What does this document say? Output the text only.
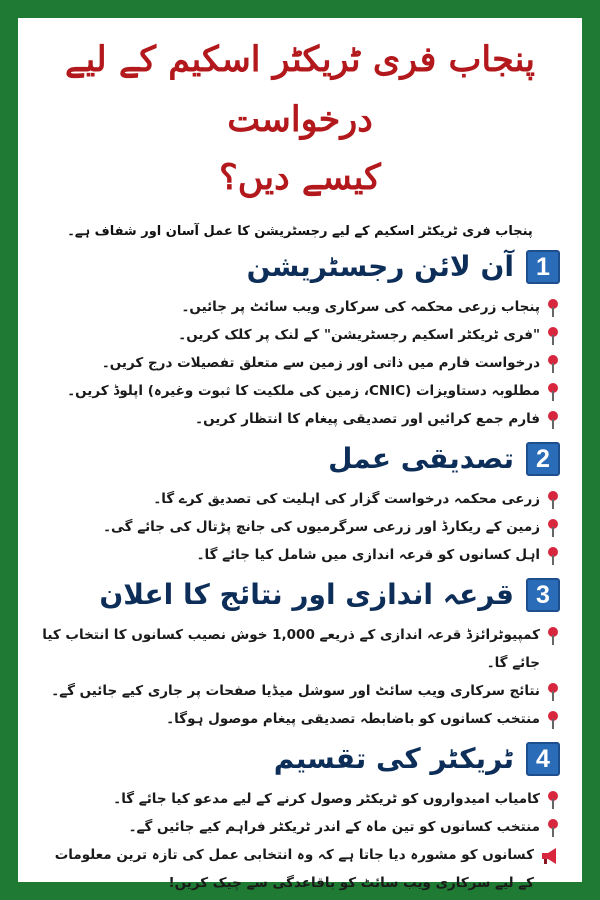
پنجاب فری ٹریکٹر اسکیم کے لیے درخواست
کیسے دیں؟

پنجاب فری ٹریکٹر اسکیم کے لیے رجسٹریشن کا عمل آسان اور شفاف ہے۔

1
آن لائن رجسٹریشن
پنجاب زرعی محکمہ کی سرکاری ویب سائٹ پر جائیں۔
"فری ٹریکٹر اسکیم رجسٹریشن" کے لنک پر کلک کریں۔
درخواست فارم میں ذاتی اور زمین سے متعلق تفصیلات درج کریں۔
مطلوبہ دستاویزات (CNIC، زمین کی ملکیت کا ثبوت وغیرہ) اپلوڈ کریں۔
فارم جمع کرائیں اور تصدیقی پیغام کا انتظار کریں۔
2
تصدیقی عمل
زرعی محکمہ درخواست گزار کی اہلیت کی تصدیق کرے گا۔
زمین کے ریکارڈ اور زرعی سرگرمیوں کی جانچ پڑتال کی جائے گی۔
اہل کسانوں کو قرعہ اندازی میں شامل کیا جائے گا۔
3
قرعہ اندازی اور نتائج کا اعلان
کمپیوٹرائزڈ قرعہ اندازی کے ذریعے 1,000 خوش نصیب کسانوں کا انتخاب کیا جائے گا۔
نتائج سرکاری ویب سائٹ اور سوشل میڈیا صفحات پر جاری کیے جائیں گے۔
منتخب کسانوں کو باضابطہ تصدیقی پیغام موصول ہوگا۔
4
ٹریکٹر کی تقسیم
کامیاب امیدواروں کو ٹریکٹر وصول کرنے کے لیے مدعو کیا جائے گا۔
منتخب کسانوں کو تین ماہ کے اندر ٹریکٹر فراہم کیے جائیں گے۔
کسانوں کو مشورہ دیا جاتا ہے کہ وہ انتخابی عمل کی تازہ ترین معلومات کے لیے سرکاری ویب سائٹ کو باقاعدگی سے چیک کریں!
